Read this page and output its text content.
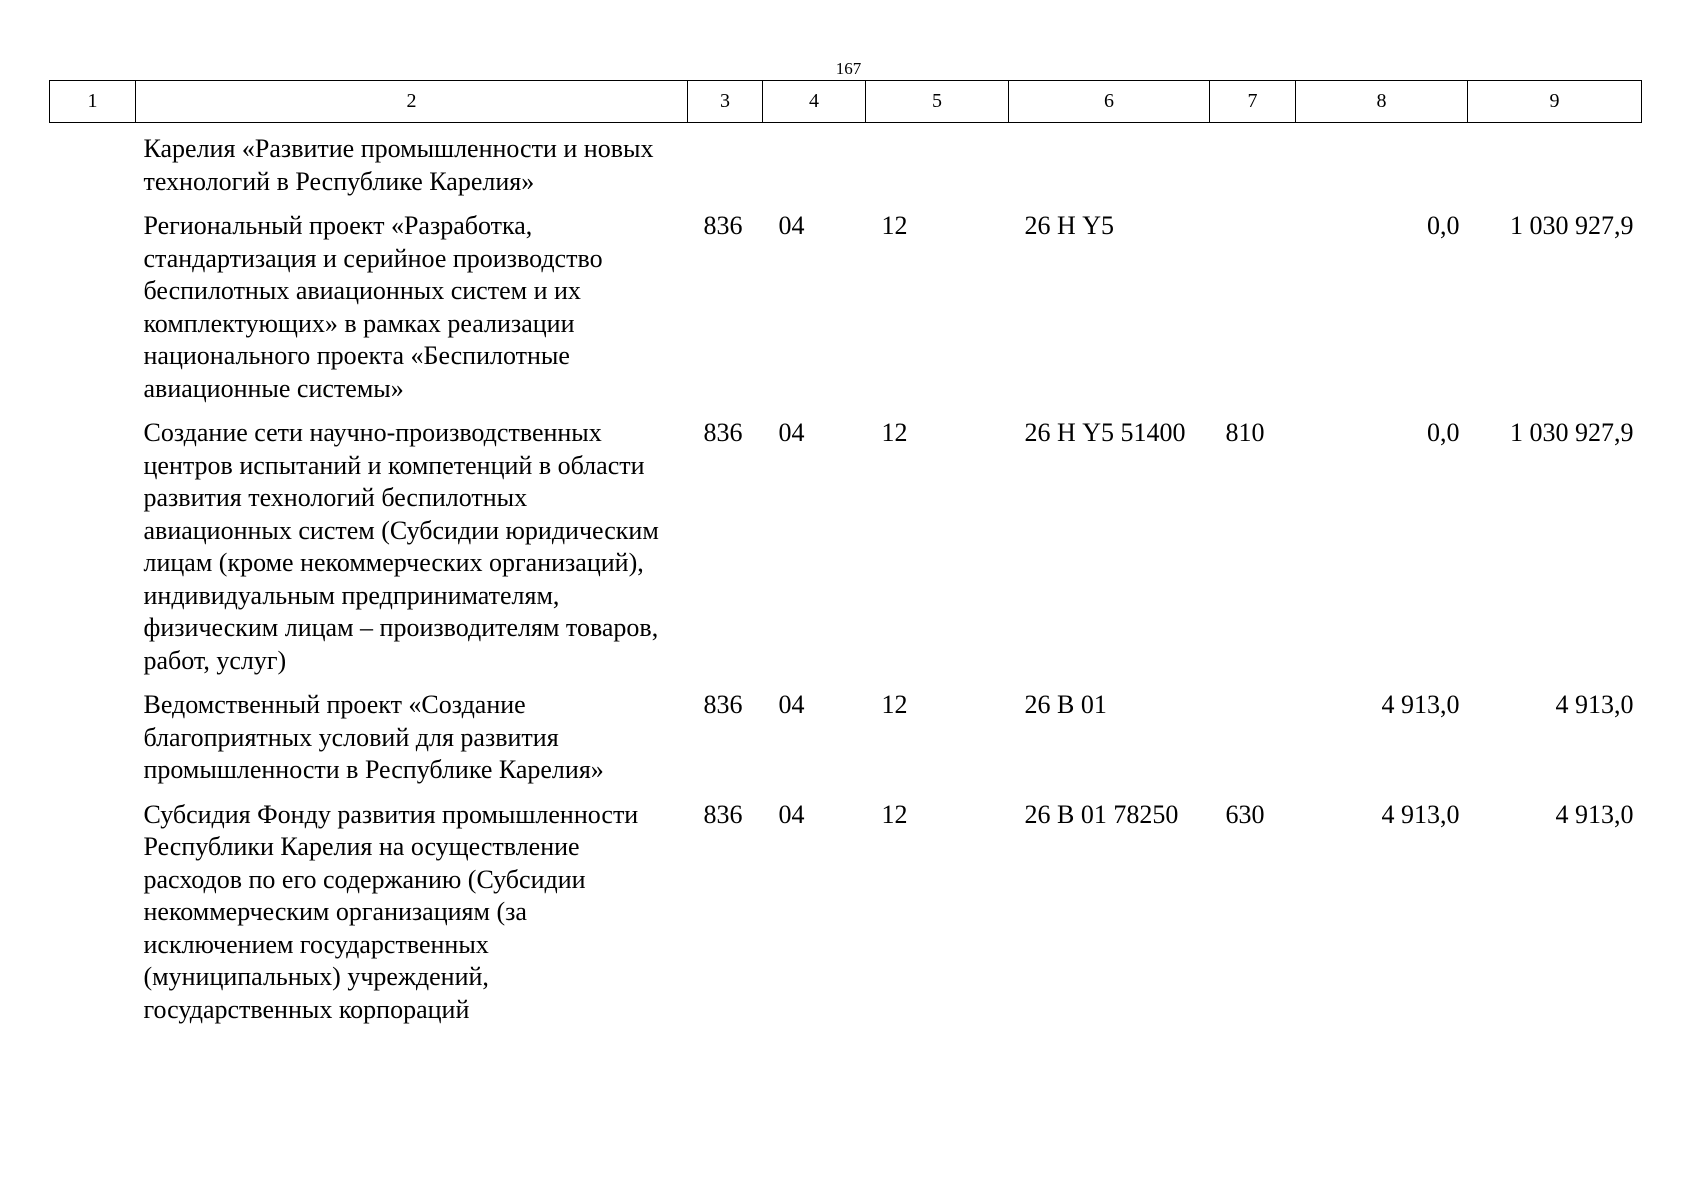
167
1	2	3	4	5	6	7	8	9
	Карелия «Развитие промышленности и новых технологий в Республике Карелия»							
	Региональный проект «Разработка, стандартизация и серийное производство беспилотных авиационных систем и их комплектующих» в рамках реализации национального проекта «Беспилотные авиационные системы»	836	04	12	26 Н Y5		0,0	1 030 927,9
	Создание сети научно-производственных центров испытаний и компетенций в области развития технологий беспилотных авиационных систем (Субсидии юридическим лицам (кроме некоммерческих организаций), индивидуальным предпринимателям, физическим лицам – производителям товаров, работ, услуг)	836	04	12	26 Н Y5 51400	810	0,0	1 030 927,9
	Ведомственный проект «Создание благоприятных условий для развития промышленности в Республике Карелия»	836	04	12	26 В 01		4 913,0	4 913,0
	Субсидия Фонду развития промышленности Республики Карелия на осуществление расходов по его содержанию (Субсидии некоммерческим организациям (за исключением государственных (муниципальных) учреждений, государственных корпораций	836	04	12	26 В 01 78250	630	4 913,0	4 913,0
